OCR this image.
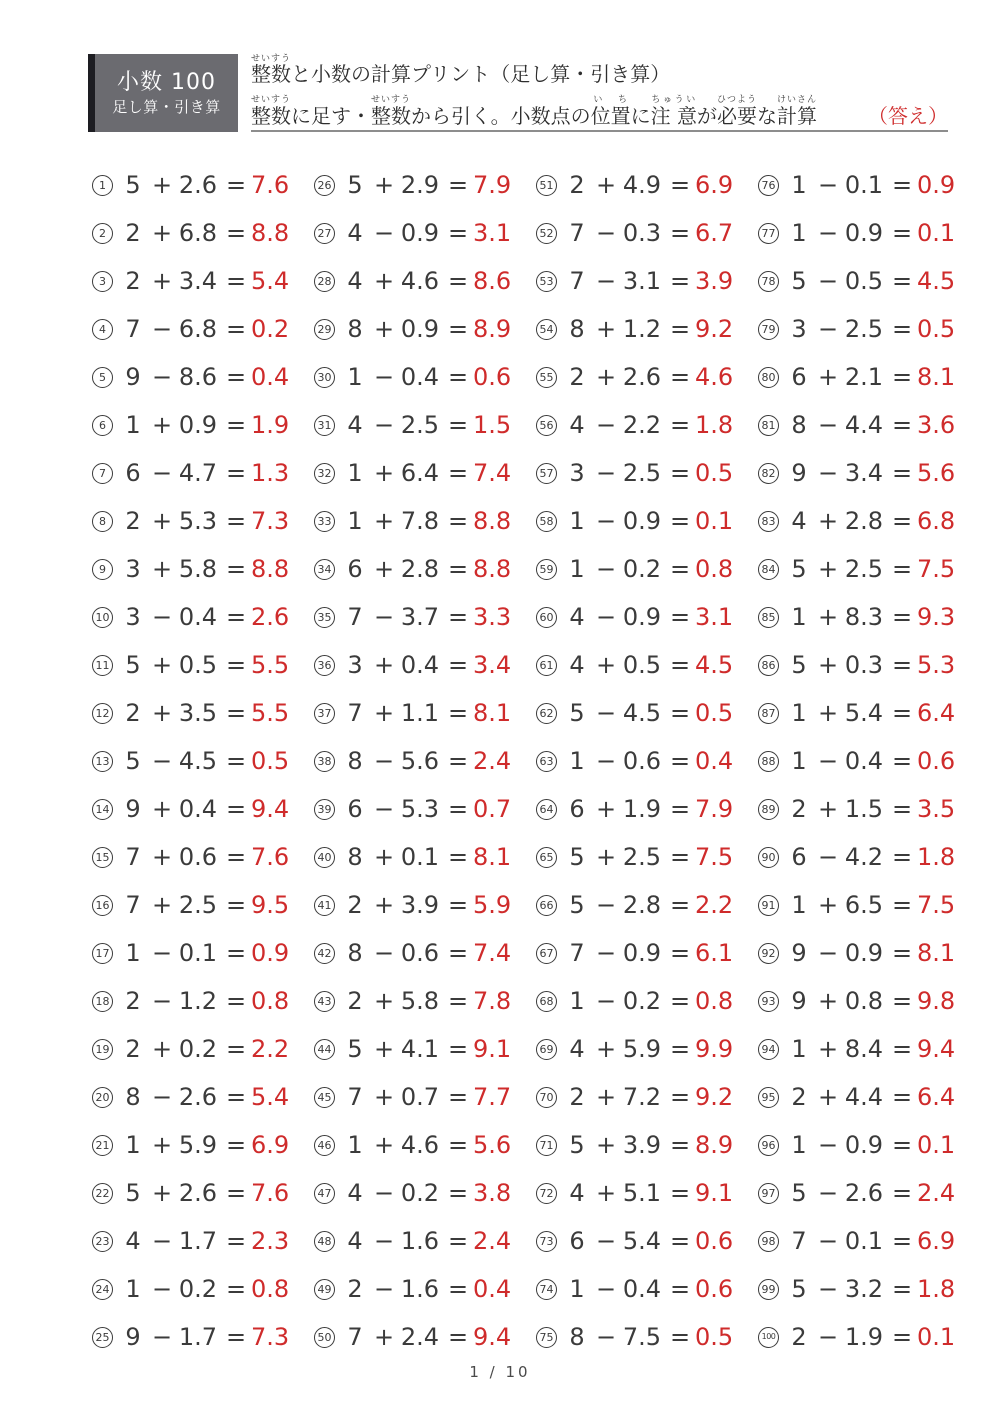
小数 100
足し算・引き算
整数せいすうと小数の計算プリント（足し算・引き算）
整数せいすうに足す・整数せいすうから引く。小数点の位置い ちに注 意ちゅういが必要ひつような計算けいさん
（答え）
1 5 + 2.6 = 7.6
2 2 + 6.8 = 8.8
3 2 + 3.4 = 5.4
4 7 − 6.8 = 0.2
5 9 − 8.6 = 0.4
6 1 + 0.9 = 1.9
7 6 − 4.7 = 1.3
8 2 + 5.3 = 7.3
9 3 + 5.8 = 8.8
10 3 − 0.4 = 2.6
11 5 + 0.5 = 5.5
12 2 + 3.5 = 5.5
13 5 − 4.5 = 0.5
14 9 + 0.4 = 9.4
15 7 + 0.6 = 7.6
16 7 + 2.5 = 9.5
17 1 − 0.1 = 0.9
18 2 − 1.2 = 0.8
19 2 + 0.2 = 2.2
20 8 − 2.6 = 5.4
21 1 + 5.9 = 6.9
22 5 + 2.6 = 7.6
23 4 − 1.7 = 2.3
24 1 − 0.2 = 0.8
25 9 − 1.7 = 7.3
26 5 + 2.9 = 7.9
27 4 − 0.9 = 3.1
28 4 + 4.6 = 8.6
29 8 + 0.9 = 8.9
30 1 − 0.4 = 0.6
31 4 − 2.5 = 1.5
32 1 + 6.4 = 7.4
33 1 + 7.8 = 8.8
34 6 + 2.8 = 8.8
35 7 − 3.7 = 3.3
36 3 + 0.4 = 3.4
37 7 + 1.1 = 8.1
38 8 − 5.6 = 2.4
39 6 − 5.3 = 0.7
40 8 + 0.1 = 8.1
41 2 + 3.9 = 5.9
42 8 − 0.6 = 7.4
43 2 + 5.8 = 7.8
44 5 + 4.1 = 9.1
45 7 + 0.7 = 7.7
46 1 + 4.6 = 5.6
47 4 − 0.2 = 3.8
48 4 − 1.6 = 2.4
49 2 − 1.6 = 0.4
50 7 + 2.4 = 9.4
51 2 + 4.9 = 6.9
52 7 − 0.3 = 6.7
53 7 − 3.1 = 3.9
54 8 + 1.2 = 9.2
55 2 + 2.6 = 4.6
56 4 − 2.2 = 1.8
57 3 − 2.5 = 0.5
58 1 − 0.9 = 0.1
59 1 − 0.2 = 0.8
60 4 − 0.9 = 3.1
61 4 + 0.5 = 4.5
62 5 − 4.5 = 0.5
63 1 − 0.6 = 0.4
64 6 + 1.9 = 7.9
65 5 + 2.5 = 7.5
66 5 − 2.8 = 2.2
67 7 − 0.9 = 6.1
68 1 − 0.2 = 0.8
69 4 + 5.9 = 9.9
70 2 + 7.2 = 9.2
71 5 + 3.9 = 8.9
72 4 + 5.1 = 9.1
73 6 − 5.4 = 0.6
74 1 − 0.4 = 0.6
75 8 − 7.5 = 0.5
76 1 − 0.1 = 0.9
77 1 − 0.9 = 0.1
78 5 − 0.5 = 4.5
79 3 − 2.5 = 0.5
80 6 + 2.1 = 8.1
81 8 − 4.4 = 3.6
82 9 − 3.4 = 5.6
83 4 + 2.8 = 6.8
84 5 + 2.5 = 7.5
85 1 + 8.3 = 9.3
86 5 + 0.3 = 5.3
87 1 + 5.4 = 6.4
88 1 − 0.4 = 0.6
89 2 + 1.5 = 3.5
90 6 − 4.2 = 1.8
91 1 + 6.5 = 7.5
92 9 − 0.9 = 8.1
93 9 + 0.8 = 9.8
94 1 + 8.4 = 9.4
95 2 + 4.4 = 6.4
96 1 − 0.9 = 0.1
97 5 − 2.6 = 2.4
98 7 − 0.1 = 6.9
99 5 − 3.2 = 1.8
100 2 − 1.9 = 0.1
1 / 10
